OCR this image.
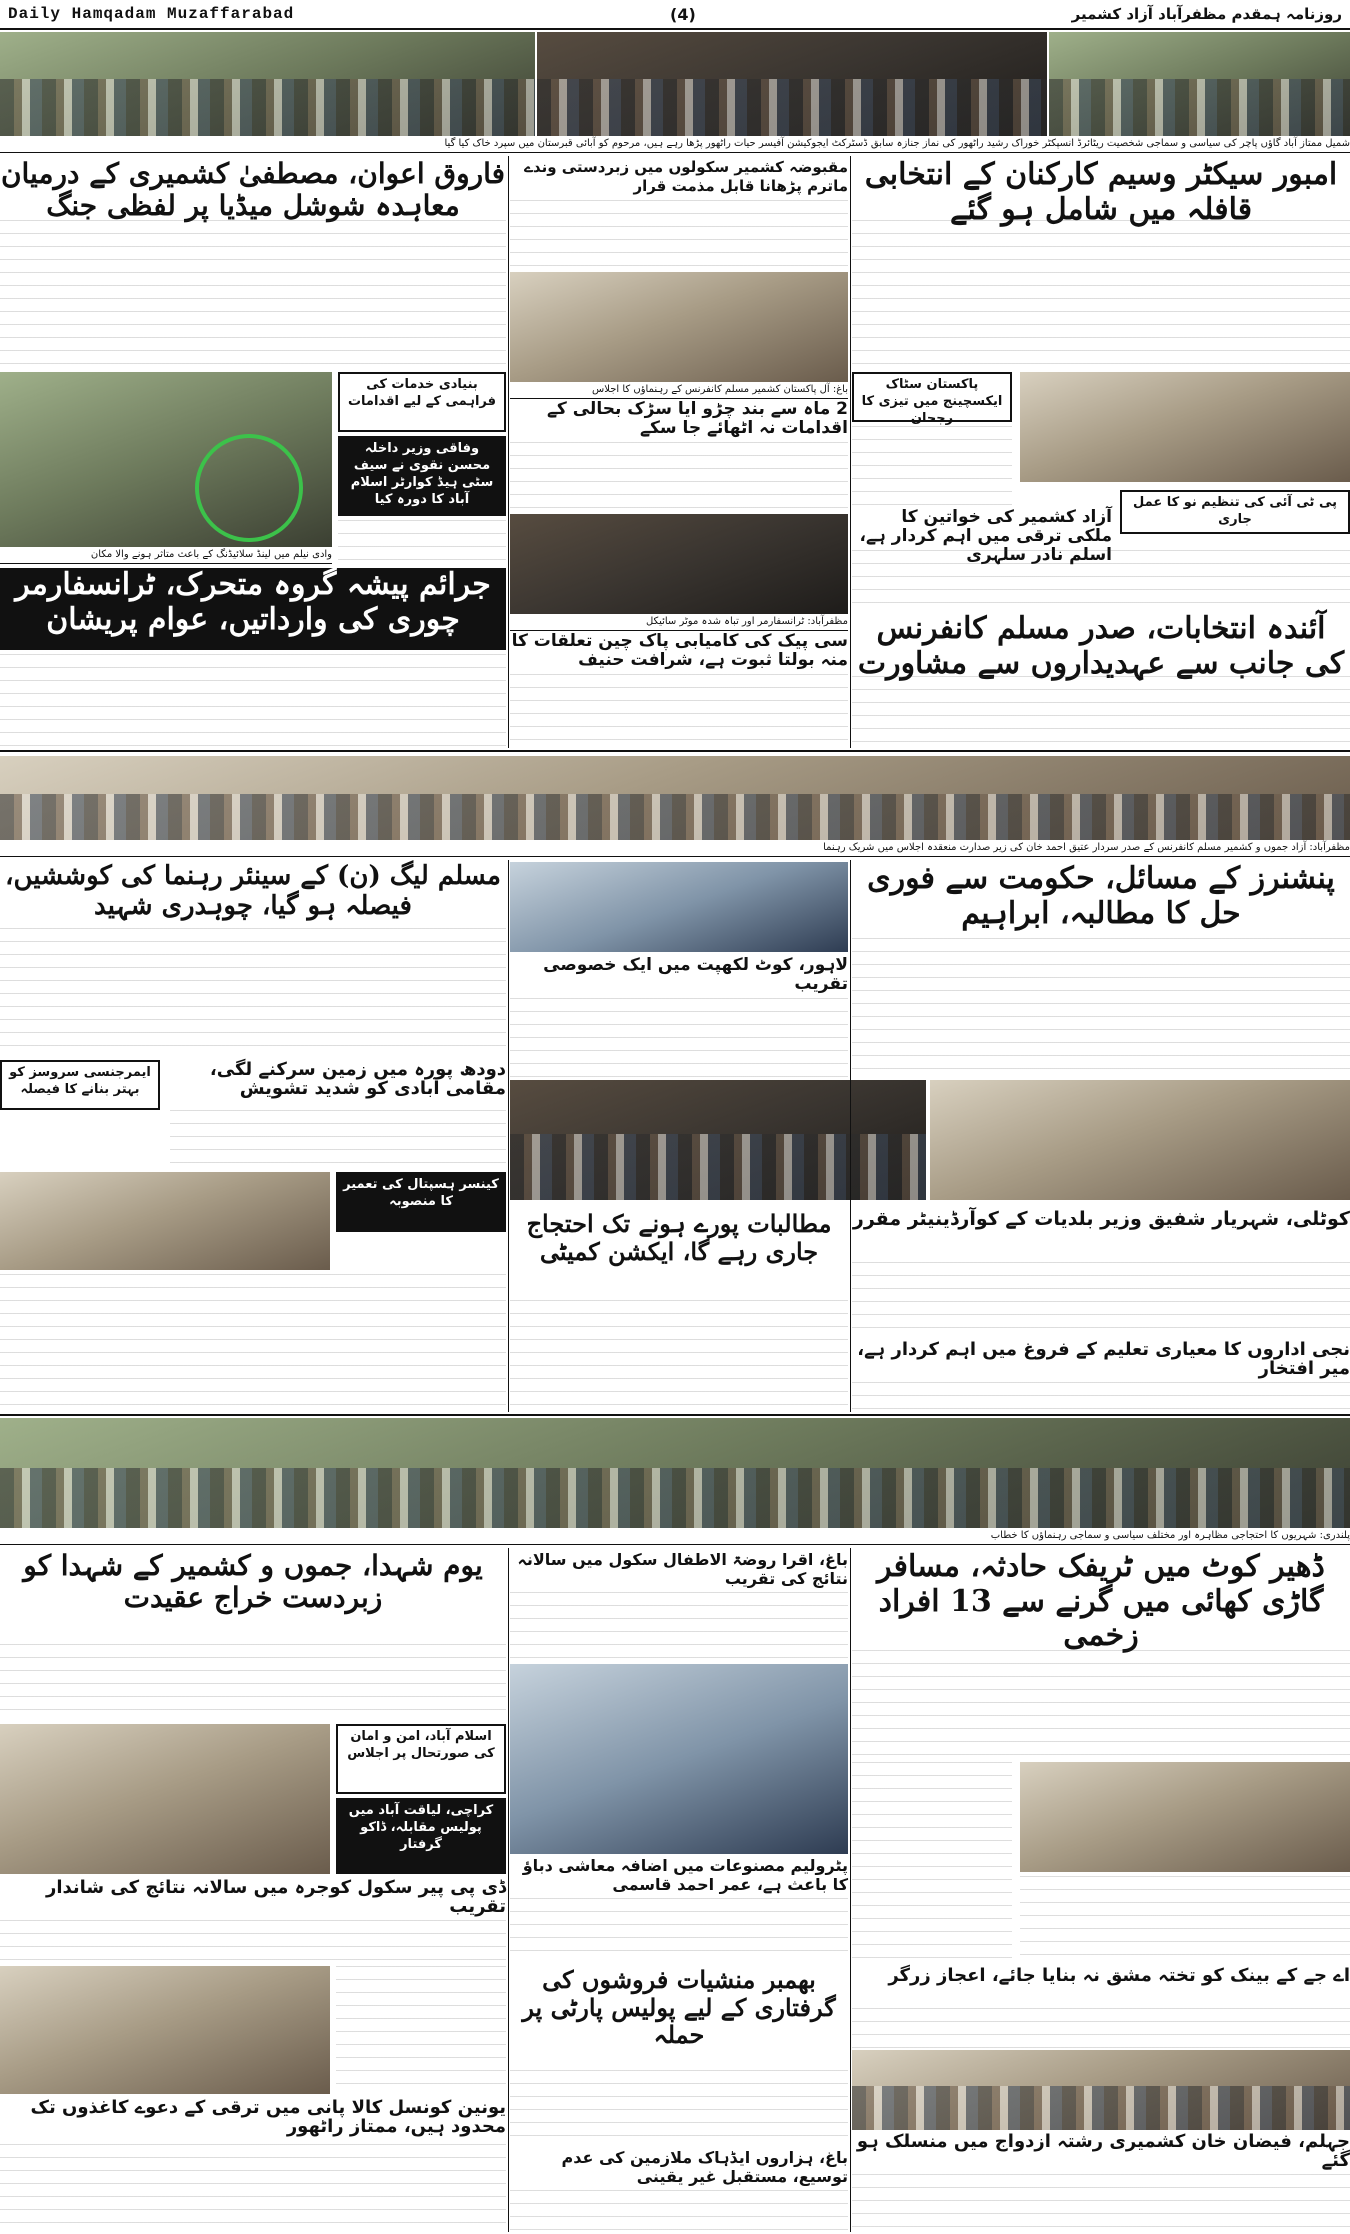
Daily Hamqadam Muzaffarabad	(4)	روزنامہ ہمقدم مظفرآباد آزاد کشمیر
شمیل ممتاز آباد گاؤں پاچر کی سیاسی و سماجی شخصیت ریٹائرڈ انسپکٹر خوراک رشید راٹھور کی نماز جنازہ سابق ڈسٹرکٹ ایجوکیشن آفیسر حیات راٹھور پڑھا رہے ہیں، مرحوم کو آبائی قبرستان میں سپرد خاک کیا گیا
امبور سیکٹر وسیم کارکنان کے انتخابی قافلہ میں شامل ہو گئے
پاکستان سٹاک ایکسچینج میں تیزی کا رجحان
آزاد کشمیر کی خواتین کا ملکی ترقی میں اہم کردار ہے، اسلم نادر سلہری
پی ٹی آئی کی تنظیم نو کا عمل جاری
آئندہ انتخابات، صدر مسلم کانفرنس کی جانب سے عہدیداروں سے مشاورت
مقبوضہ کشمیر سکولوں میں زبردستی وندے ماترم پڑھانا قابل مذمت قرار
باغ: آل پاکستان کشمیر مسلم کانفرنس کے رہنماؤں کا اجلاس
2 ماہ سے بند چڑو ایا سڑک بحالی کے اقدامات نہ اٹھائے جا سکے
مظفرآباد: ٹرانسفارمر اور تباہ شدہ موٹر سائیکل
سی پیک کی کامیابی پاک چین تعلقات کا منہ بولتا ثبوت ہے، شرافت حنیف
فاروق اعوان، مصطفیٰ کشمیری کے درمیان معاہدہ شوشل میڈیا پر لفظی جنگ
وادی نیلم میں لینڈ سلائیڈنگ کے باعث متاثر ہونے والا مکان
بنیادی خدمات کی فراہمی کے لیے اقدامات
وفاقی وزیر داخلہ محسن نقوی نے سیف سٹی ہیڈ کوارٹر اسلام آباد کا دورہ کیا
جرائم پیشہ گروہ متحرک، ٹرانسفارمر چوری کی وارداتیں، عوام پریشان
مظفرآباد: آزاد جموں و کشمیر مسلم کانفرنس کے صدر سردار عتیق احمد خان کی زیر صدارت منعقدہ اجلاس میں شریک رہنما
پنشنرز کے مسائل، حکومت سے فوری حل کا مطالبہ، ابراہیم
لاہور، کوٹ لکھپت میں ایک خصوصی تقریب
مسلم لیگ (ن) کے سینئر رہنما کی کوششیں، فیصلہ ہو گیا، چوہدری شہید
ایمرجنسی سروسز کو بہتر بنانے کا فیصلہ
دودھ پورہ میں زمین سرکنے لگی، مقامی آبادی کو شدید تشویش
کینسر ہسپتال کی تعمیر کا منصوبہ
کوٹلی، شہریار شفیق وزیر بلدیات کے کوآرڈینیٹر مقرر
مطالبات پورے ہونے تک احتجاج جاری رہے گا، ایکشن کمیٹی
نجی اداروں کا معیاری تعلیم کے فروغ میں اہم کردار ہے، میر افتخار
پلندری: شہریوں کا احتجاجی مظاہرہ اور مختلف سیاسی و سماجی رہنماؤں کا خطاب
ڈھیر کوٹ میں ٹریفک حادثہ، مسافر گاڑی کھائی میں گرنے سے 13 افراد زخمی
باغ، اقرا روضۃ الاطفال سکول میں سالانہ نتائج کی تقریب
پٹرولیم مصنوعات میں اضافہ معاشی دباؤ کا باعث ہے، عمر احمد قاسمی
یوم شہدا، جموں و کشمیر کے شہدا کو زبردست خراج عقیدت
اسلام آباد، امن و امان کی صورتحال پر اجلاس
کراچی، لیاقت آباد میں پولیس مقابلہ، ڈاکو گرفتار
ڈی پی پیر سکول کوجرہ میں سالانہ نتائج کی شاندار تقریب
اے جے کے بینک کو تختہ مشق نہ بنایا جائے، اعجاز زرگر
جہلم، فیضان خان کشمیری رشتہ ازدواج میں منسلک ہو گئے
بھمبر منشیات فروشوں کی گرفتاری کے لیے پولیس پارٹی پر حملہ
باغ، ہزاروں ایڈہاک ملازمین کی عدم توسیع، مستقبل غیر یقینی
یونین کونسل کالا پانی میں ترقی کے دعوے کاغذوں تک محدود ہیں، ممتاز راٹھور
